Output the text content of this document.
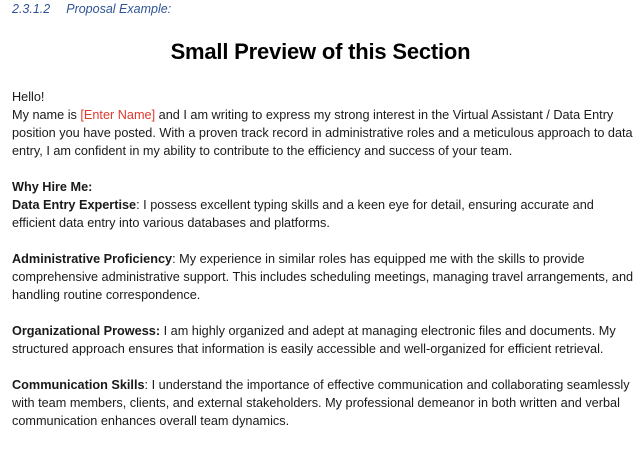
2.3.1.2 Proposal Example:
Small Preview of this Section

Hello!

My name is [Enter Name] and I am writing to express my strong interest in the Virtual Assistant / Data Entry position you have posted. With a proven track record in administrative roles and a meticulous approach to data entry, I am confident in my ability to contribute to the efficiency and success of your team.

Why Hire Me:

Data Entry Expertise: I possess excellent typing skills and a keen eye for detail, ensuring accurate and efficient data entry into various databases and platforms.

Administrative Proficiency: My experience in similar roles has equipped me with the skills to provide comprehensive administrative support. This includes scheduling meetings, managing travel arrangements, and handling routine correspondence.

Organizational Prowess: I am highly organized and adept at managing electronic files and documents. My structured approach ensures that information is easily accessible and well-organized for efficient retrieval.

Communication Skills: I understand the importance of effective communication and collaborating seamlessly with team members, clients, and external stakeholders. My professional demeanor in both written and verbal communication enhances overall team dynamics.
